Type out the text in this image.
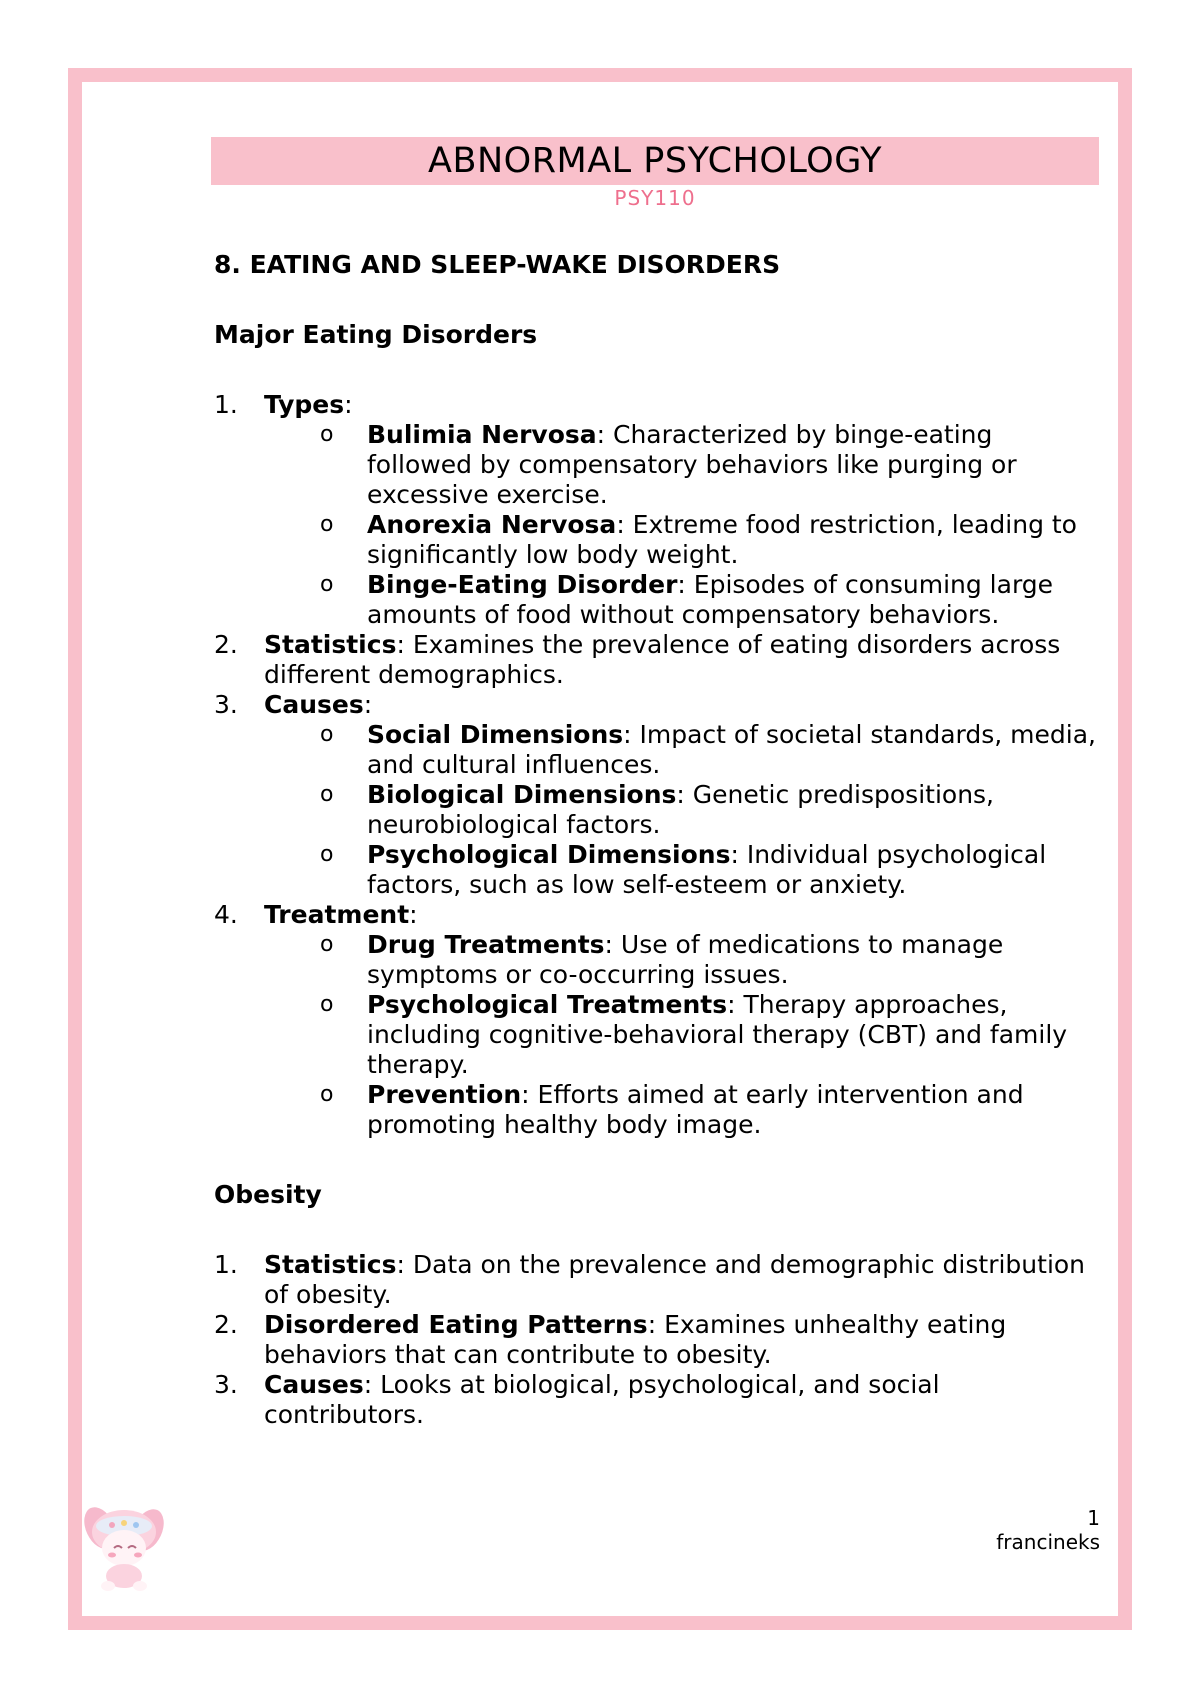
ABNORMAL PSYCHOLOGY
PSY110
8. EATING AND SLEEP-WAKE DISORDERS
Major Eating Disorders
1.	Types:
o Bulimia Nervosa: Characterized by binge-eating followed by compensatory behaviors like purging or excessive exercise.
o Anorexia Nervosa: Extreme food restriction, leading to significantly low body weight.
o Binge-Eating Disorder: Episodes of consuming large amounts of food without compensatory behaviors.
2.	Statistics: Examines the prevalence of eating disorders across different demographics.
3.	Causes:
o Social Dimensions: Impact of societal standards, media, and cultural influences.
o Biological Dimensions: Genetic predispositions, neurobiological factors.
o Psychological Dimensions: Individual psychological factors, such as low self-esteem or anxiety.
4.	Treatment:
o Drug Treatments: Use of medications to manage symptoms or co-occurring issues.
o Psychological Treatments: Therapy approaches, including cognitive-behavioral therapy (CBT) and family therapy.
o Prevention: Efforts aimed at early intervention and promoting healthy body image.
Obesity
1.	Statistics: Data on the prevalence and demographic distribution of obesity.
2.	Disordered Eating Patterns: Examines unhealthy eating behaviors that can contribute to obesity.
3.	Causes: Looks at biological, psychological, and social contributors.
1
francineks
